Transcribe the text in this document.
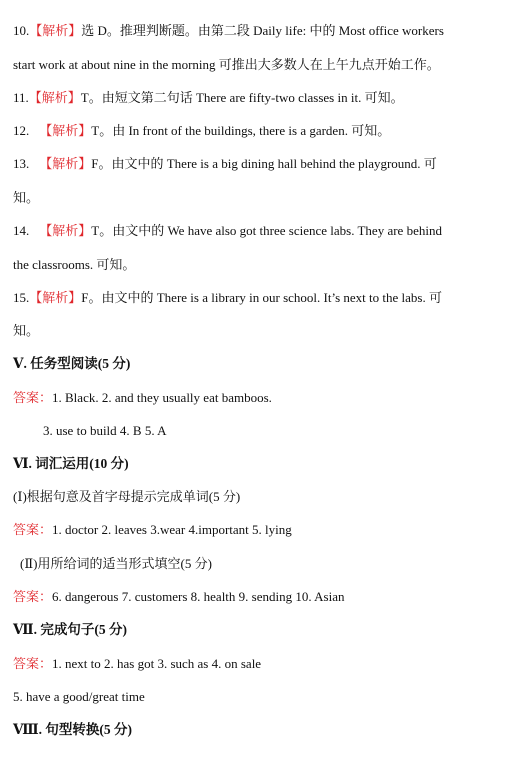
10.【解析】选 D。推理判断题。由第二段 Daily life: 中的 Most office workers
start work at about nine in the morning 可推出大多数人在上午九点开始工作。
11.【解析】T。由短文第二句话 There are fifty-two classes in it. 可知。
12. 【解析】T。由 In front of the buildings, there is a garden. 可知。
13. 【解析】F。由文中的 There is a big dining hall behind the playground. 可
知。
14. 【解析】T。由文中的 We have also got three science labs. They are behind
the classrooms. 可知。
15.【解析】F。由文中的 There is a library in our school. It’s next to the labs. 可
知。
Ⅴ. 任务型阅读(5 分)
答案：1. Black. 2. and they usually eat bamboos.
3. use to build 4. B 5. A
Ⅵ. 词汇运用(10 分)
(Ⅰ)根据句意及首字母提示完成单词(5 分)
答案：1. doctor 2. leaves 3.wear 4.important 5. lying
(Ⅱ)用所给词的适当形式填空(5 分)
答案：6. dangerous 7. customers 8. health 9. sending 10. Asian
Ⅶ. 完成句子(5 分)
答案：1. next to 2. has got 3. such as 4. on sale
5. have a good/great time
Ⅷ. 句型转换(5 分)
